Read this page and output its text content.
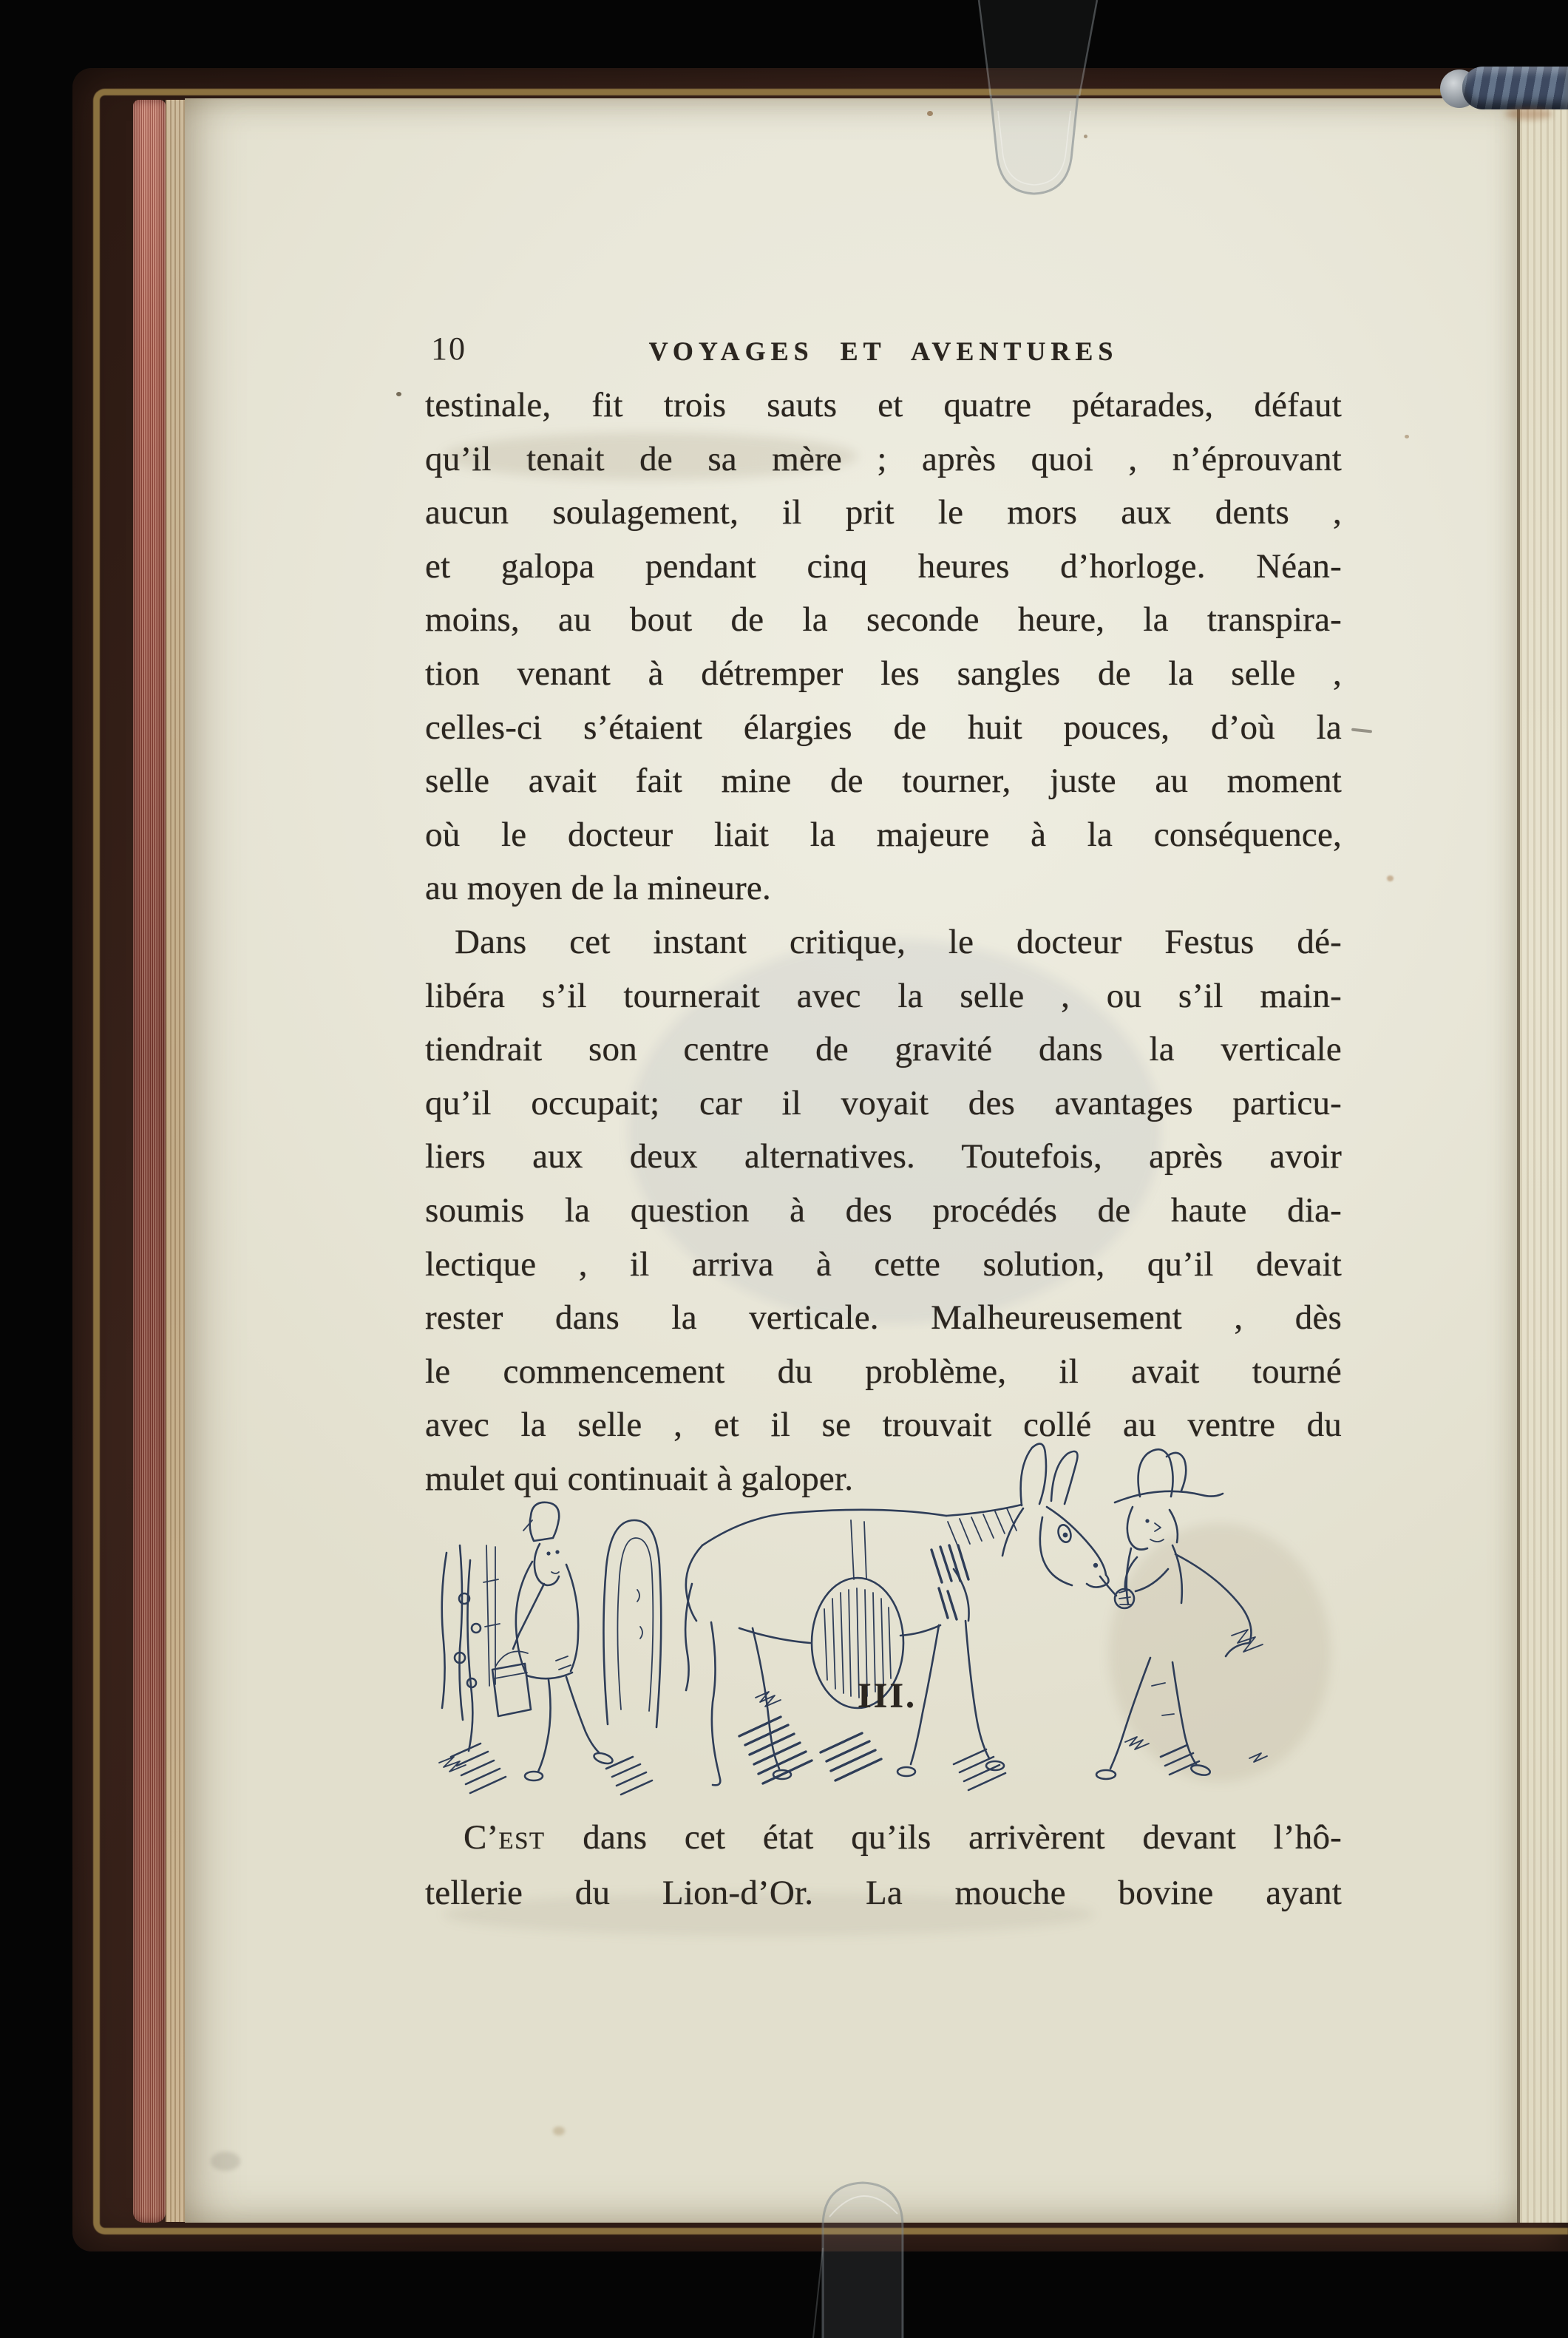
10	VOYAGES ET AVENTURES
testinale, fit trois sauts et quatre pétarades, défaut
qu’il tenait de sa mère ; après quoi , n’éprouvant
aucun soulagement, il prit le mors aux dents ,
et galopa pendant cinq heures d’horloge. Néan-
moins, au bout de la seconde heure, la transpira-
tion venant à détremper les sangles de la selle ,
celles-ci s’étaient élargies de huit pouces, d’où la
selle avait fait mine de tourner, juste au moment
où le docteur liait la majeure à la conséquence,
au moyen de la mineure.
Dans cet instant critique, le docteur Festus dé-
libéra s’il tournerait avec la selle , ou s’il main-
tiendrait son centre de gravité dans la verticale
qu’il occupait; car il voyait des avantages particu-
liers aux deux alternatives. Toutefois, après avoir
soumis la question à des procédés de haute dia-
lectique , il arriva à cette solution, qu’il devait
rester dans la verticale. Malheureusement , dès
le commencement du problème, il avait tourné
avec la selle , et il se trouvait collé au ventre du
mulet qui continuait à galoper.
III.
C’est dans cet état qu’ils arrivèrent devant l’hô-
tellerie du Lion-d’Or. La mouche bovine ayant
